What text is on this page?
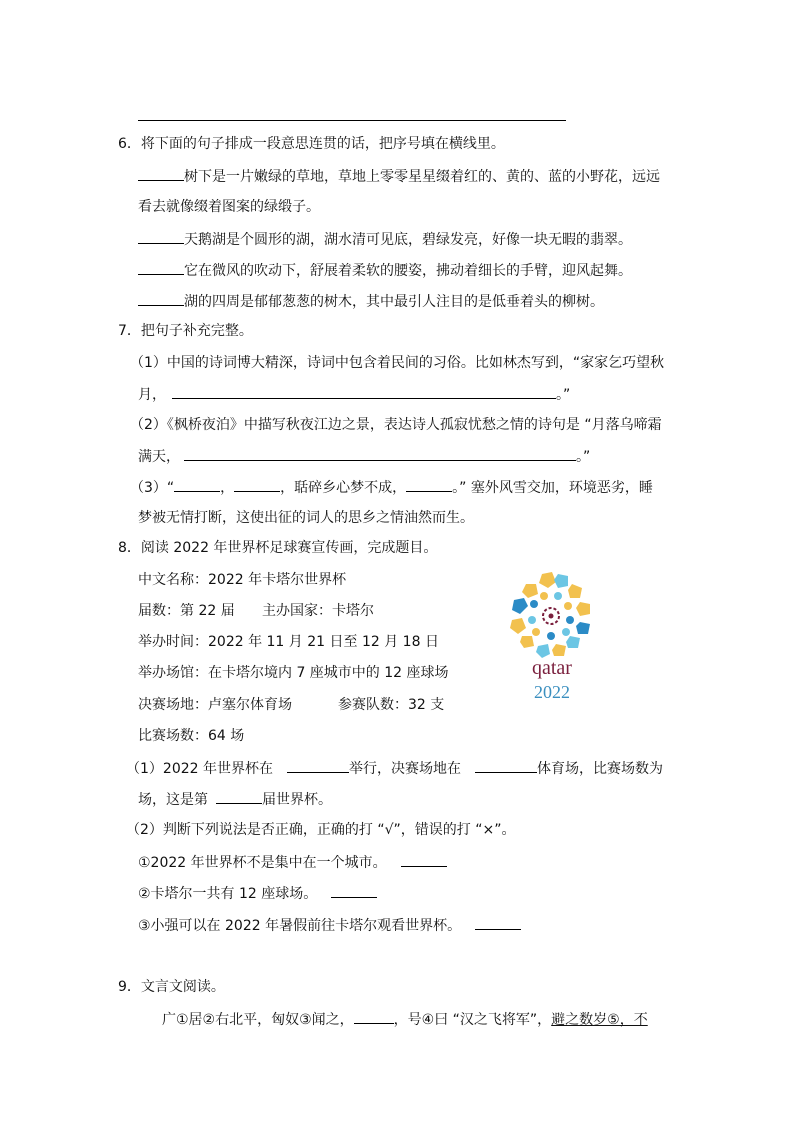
6．将下面的句子排成一段意思连贯的话，把序号填在横线里。
树下是一片嫩绿的草地，草地上零零星星缀着红的、黄的、蓝的小野花，远远
看去就像缀着图案的绿缎子。
天鹅湖是个圆形的湖，湖水清可见底，碧绿发亮，好像一块无暇的翡翠。
它在微风的吹动下，舒展着柔软的腰姿，拂动着细长的手臂，迎风起舞。
湖的四周是郁郁葱葱的树木，其中最引人注目的是低垂着头的柳树。
7．把句子补充完整。
（1）中国的诗词博大精深，诗词中包含着民间的习俗。比如林杰写到，“家家乞巧望秋
月，	。”
（2）《枫桥夜泊》中描写秋夜江边之景，表达诗人孤寂忧愁之情的诗句是 “月落乌啼霜
满天，	。”
（3）“	，	，聒碎乡心梦不成，	。” 塞外风雪交加，环境恶劣，睡
梦被无情打断，这使出征的词人的思乡之情油然而生。
8．阅读 2022 年世界杯足球赛宣传画，完成题目。
中文名称：2022 年卡塔尔世界杯
届数：第 22 届 主办国家：卡塔尔
举办时间：2022 年 11 月 21 日至 12 月 18 日
举办场馆：在卡塔尔境内 7 座城市中的 12 座球场
决赛场地：卢塞尔体育场	参赛队数：32 支
比赛场数：64 场
qatar
2022
（1）2022 年世界杯在	举行，决赛场地在	体育场，比赛场数为
场，这是第	届世界杯。
（2）判断下列说法是否正确，正确的打 “√”，错误的打 “×”。
①2022 年世界杯不是集中在一个城市。
②卡塔尔一共有 12 座球场。
③小强可以在 2022 年暑假前往卡塔尔观看世界杯。
9．文言文阅读。
广①居②右北平，匈奴③闻之，	，号④曰 “汉之飞将军”，避之数岁⑤，不
